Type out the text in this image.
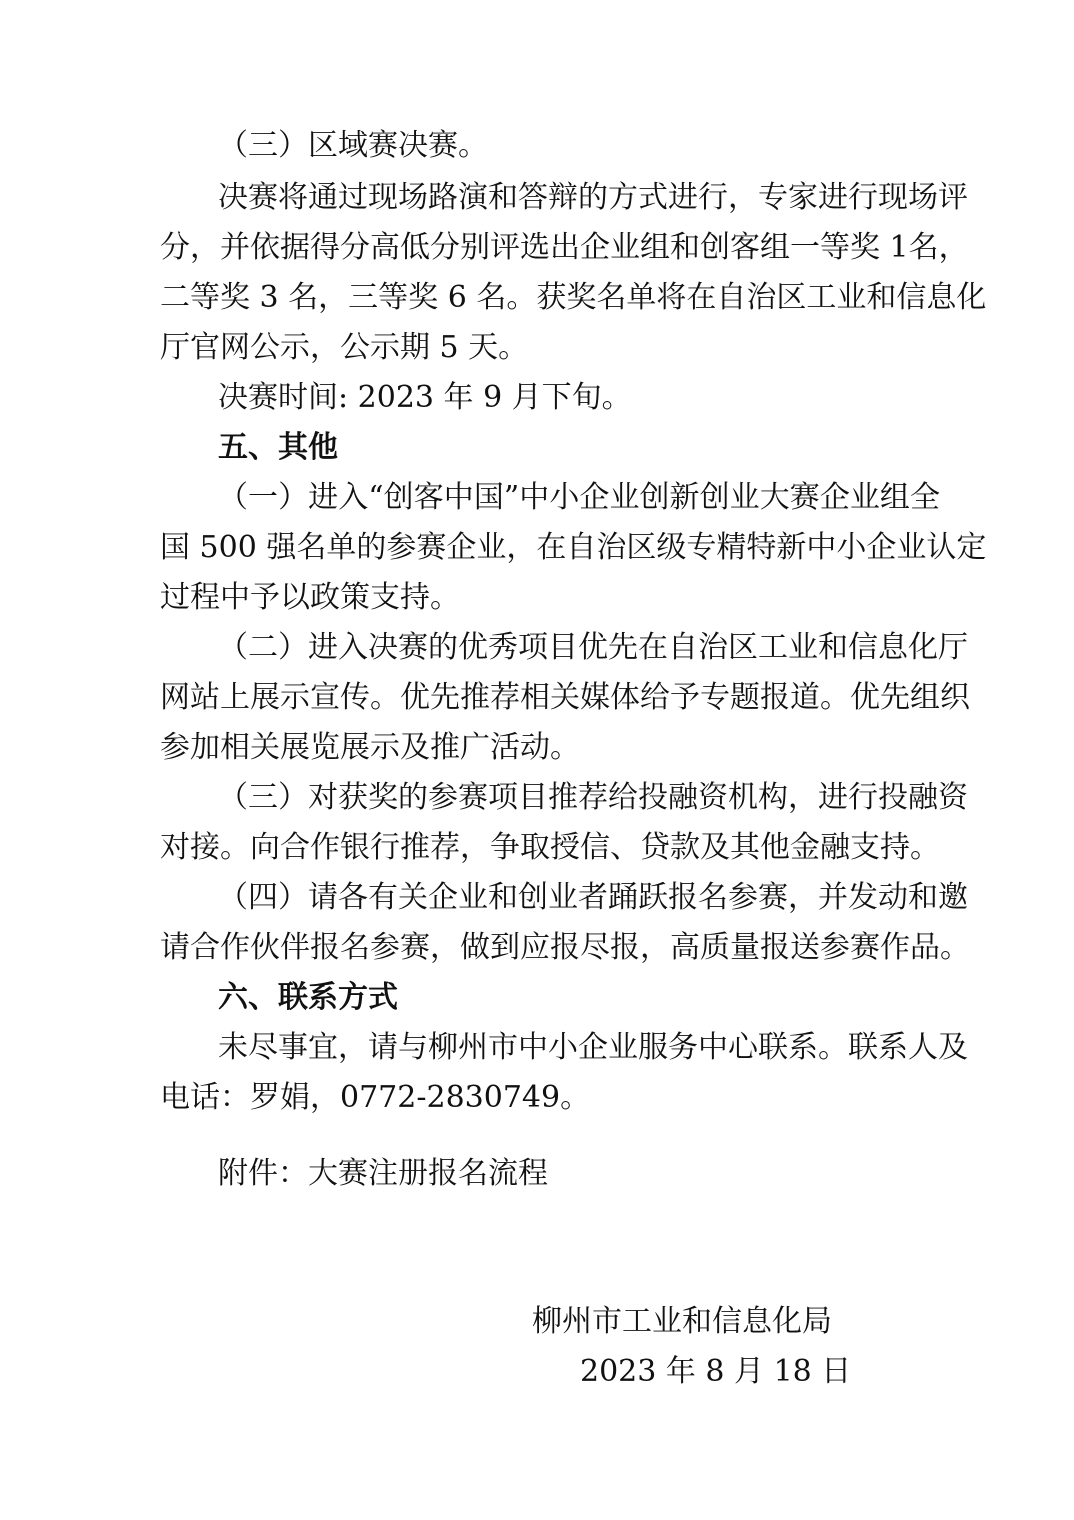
（三）区域赛决赛。
决赛将通过现场路演和答辩的方式进行，专家进行现场评
分，并依据得分高低分别评选出企业组和创客组一等奖 1名，
二等奖 3 名，三等奖 6 名。获奖名单将在自治区工业和信息化
厅官网公示，公示期 5 天。
决赛时间: 2023 年 9 月下旬。
五、其他
（一）进入“创客中国”中小企业创新创业大赛企业组全
国 500 强名单的参赛企业，在自治区级专精特新中小企业认定
过程中予以政策支持。
（二）进入决赛的优秀项目优先在自治区工业和信息化厅
网站上展示宣传。优先推荐相关媒体给予专题报道。优先组织
参加相关展览展示及推广活动。
（三）对获奖的参赛项目推荐给投融资机构，进行投融资
对接。向合作银行推荐，争取授信、贷款及其他金融支持。
（四）请各有关企业和创业者踊跃报名参赛，并发动和邀
请合作伙伴报名参赛，做到应报尽报，高质量报送参赛作品。
六、联系方式
未尽事宜，请与柳州市中小企业服务中心联系。联系人及
电话：罗娟，0772-2830749。
附件：大赛注册报名流程
柳州市工业和信息化局
2023 年 8 月 18 日
